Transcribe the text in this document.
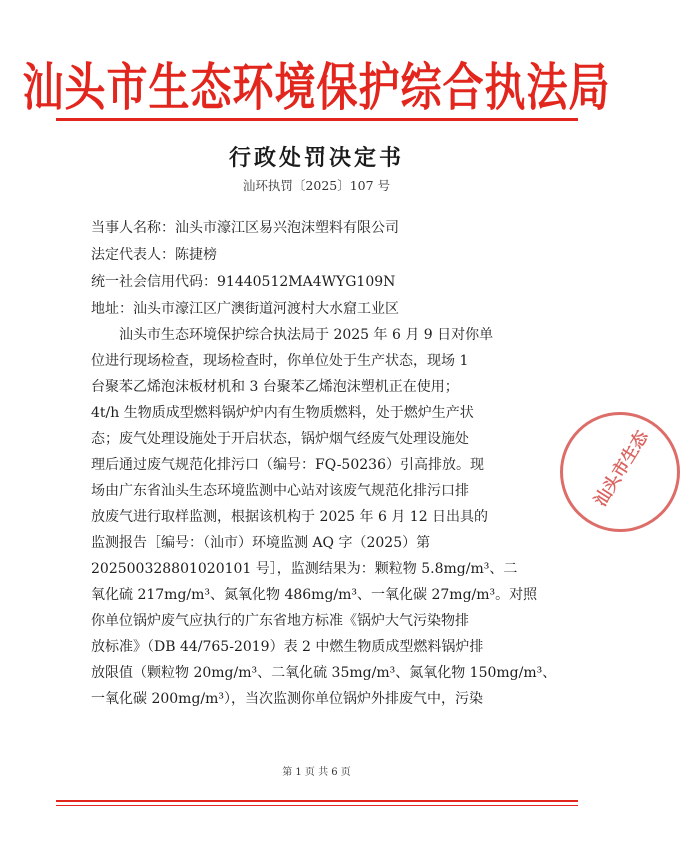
汕头市生态环境保护综合执法局
行政处罚决定书
汕环执罚〔2025〕107 号
当事人名称：汕头市濠江区易兴泡沫塑料有限公司
法定代表人：陈捷榜
统一社会信用代码：91440512MA4WYG109N
地址：汕头市濠江区广澳街道河渡村大水窟工业区
汕头市生态环境保护综合执法局于 2025 年 6 月 9 日对你单
位进行现场检查，现场检查时，你单位处于生产状态，现场 1
台聚苯乙烯泡沫板材机和 3 台聚苯乙烯泡沫塑机正在使用；
4t/h 生物质成型燃料锅炉炉内有生物质燃料，处于燃炉生产状
态；废气处理设施处于开启状态，锅炉烟气经废气处理设施处
理后通过废气规范化排污口（编号：FQ-50236）引高排放。现
场由广东省汕头生态环境监测中心站对该废气规范化排污口排
放废气进行取样监测，根据该机构于 2025 年 6 月 12 日出具的
监测报告［编号：（汕市）环境监测 AQ 字（2025）第
202500328801020101 号］，监测结果为：颗粒物 5.8mg/m³、二
氧化硫 217mg/m³、氮氧化物 486mg/m³、一氧化碳 27mg/m³。对照
你单位锅炉废气应执行的广东省地方标准《锅炉大气污染物排
放标准》（DB 44/765-2019）表 2 中燃生物质成型燃料锅炉排
放限值（颗粒物 20mg/m³、二氧化硫 35mg/m³、氮氧化物 150mg/m³、
一氧化碳 200mg/m³），当次监测你单位锅炉外排废气中，污染
汕头市生态
第 1 页 共 6 页
